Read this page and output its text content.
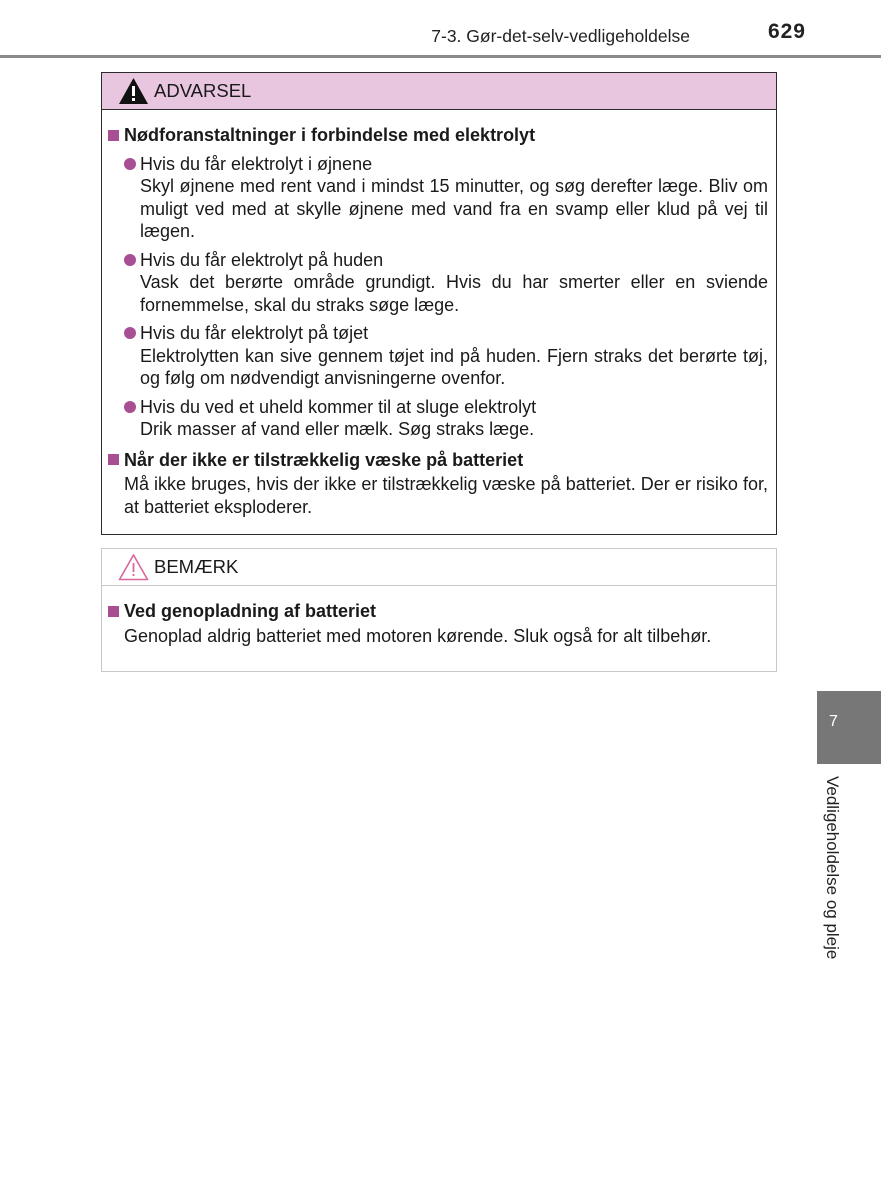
7-3. Gør-det-selv-vedligeholdelse	629
ADVARSEL
Nødforanstaltninger i forbindelse med elektrolyt
Hvis du får elektrolyt i øjnene
Skyl øjnene med rent vand i mindst 15 minutter, og søg derefter læge. Bliv om muligt ved med at skylle øjnene med vand fra en svamp eller klud på vej til lægen.
Hvis du får elektrolyt på huden
Vask det berørte område grundigt. Hvis du har smerter eller en sviende fornemmelse, skal du straks søge læge.
Hvis du får elektrolyt på tøjet
Elektrolytten kan sive gennem tøjet ind på huden. Fjern straks det berørte tøj, og følg om nødvendigt anvisningerne ovenfor.
Hvis du ved et uheld kommer til at sluge elektrolyt
Drik masser af vand eller mælk. Søg straks læge.
Når der ikke er tilstrækkelig væske på batteriet
Må ikke bruges, hvis der ikke er tilstrækkelig væske på batteriet. Der er risiko for, at batteriet eksploderer.
BEMÆRK
Ved genopladning af batteriet
Genoplad aldrig batteriet med motoren kørende. Sluk også for alt tilbehør.
7
Vedligeholdelse og pleje
